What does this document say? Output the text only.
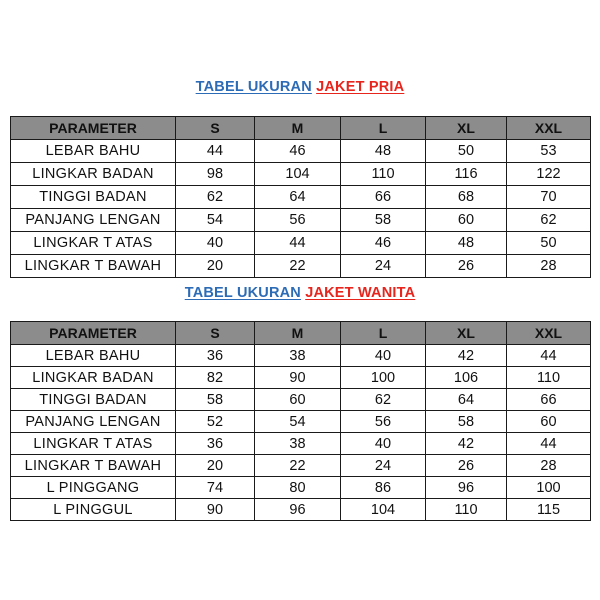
TABEL UKURAN JAKET PRIA
PARAMETER	S	M	L	XL	XXL
LEBAR BAHU	44	46	48	50	53
LINGKAR BADAN	98	104	110	116	122
TINGGI BADAN	62	64	66	68	70
PANJANG LENGAN	54	56	58	60	62
LINGKAR T ATAS	40	44	46	48	50
LINGKAR T BAWAH	20	22	24	26	28
TABEL UKURAN JAKET WANITA
PARAMETER	S	M	L	XL	XXL
LEBAR BAHU	36	38	40	42	44
LINGKAR BADAN	82	90	100	106	110
TINGGI BADAN	58	60	62	64	66
PANJANG LENGAN	52	54	56	58	60
LINGKAR T ATAS	36	38	40	42	44
LINGKAR T BAWAH	20	22	24	26	28
L PINGGANG	74	80	86	96	100
L PINGGUL	90	96	104	110	115
